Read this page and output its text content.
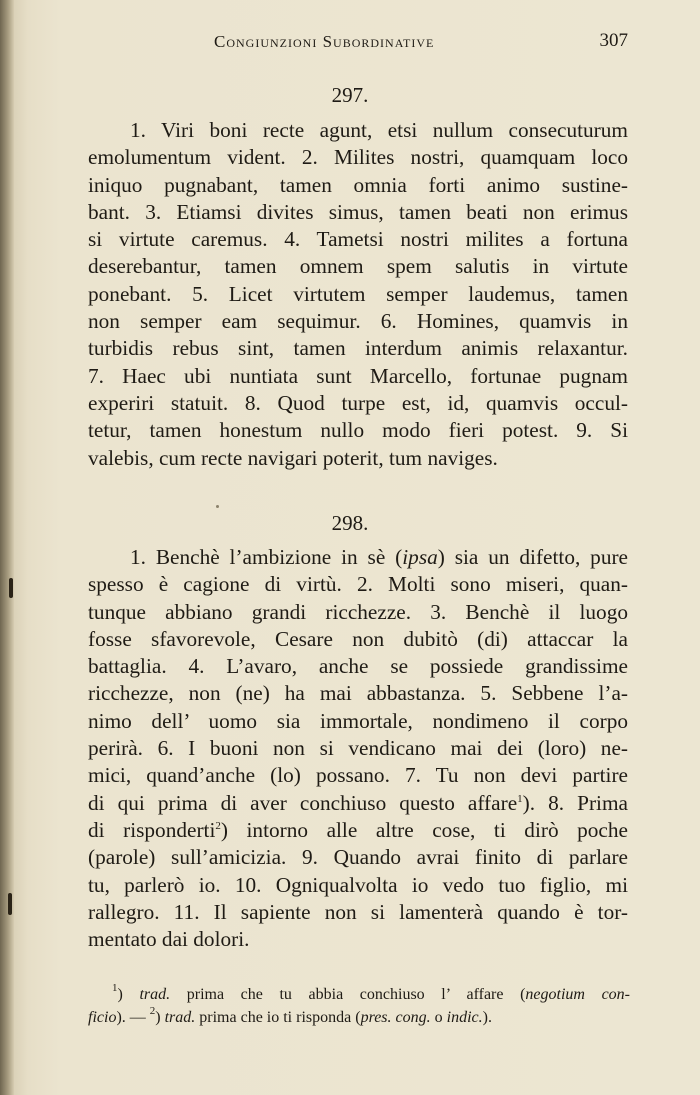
Congiunzioni Subordinative	307
297.
1. Viri boni recte agunt, etsi nullum consecuturum
emolumentum vident. 2. Milites nostri, quamquam loco
iniquo pugnabant, tamen omnia forti animo sustine-
bant. 3. Etiamsi divites simus, tamen beati non erimus
si virtute caremus. 4. Tametsi nostri milites a fortuna
deserebantur, tamen omnem spem salutis in virtute
ponebant. 5. Licet virtutem semper laudemus, tamen
non semper eam sequimur. 6. Homines, quamvis in
turbidis rebus sint, tamen interdum animis relaxantur.
7. Haec ubi nuntiata sunt Marcello, fortunae pugnam
experiri statuit. 8. Quod turpe est, id, quamvis occul-
tetur, tamen honestum nullo modo fieri potest. 9. Si
valebis, cum recte navigari poterit, tum naviges.
298.
1. Benchè l’ambizione in sè (ipsa) sia un difetto, pure
spesso è cagione di virtù. 2. Molti sono miseri, quan-
tunque abbiano grandi ricchezze. 3. Benchè il luogo
fosse sfavorevole, Cesare non dubitò (di) attaccar la
battaglia. 4. L’avaro, anche se possiede grandissime
ricchezze, non (ne) ha mai abbastanza. 5. Sebbene l’a-
nimo dell’ uomo sia immortale, nondimeno il corpo
perirà. 6. I buoni non si vendicano mai dei (loro) ne-
mici, quand’anche (lo) possano. 7. Tu non devi partire
di qui prima di aver conchiuso questo affare$^1$). 8. Prima
di risponderti$^2$) intorno alle altre cose, ti dirò poche
(parole) sull’amicizia. 9. Quando avrai finito di parlare
tu, parlerò io. 10. Ogniqualvolta io vedo tuo figlio, mi
rallegro. 11. Il sapiente non si lamenterà quando è tor-
mentato dai dolori.
$^1$) trad. prima che tu abbia conchiuso l’ affare (negotium con-
ficio). — $^2$) trad. prima che io ti risponda (pres. cong. o indic.).
